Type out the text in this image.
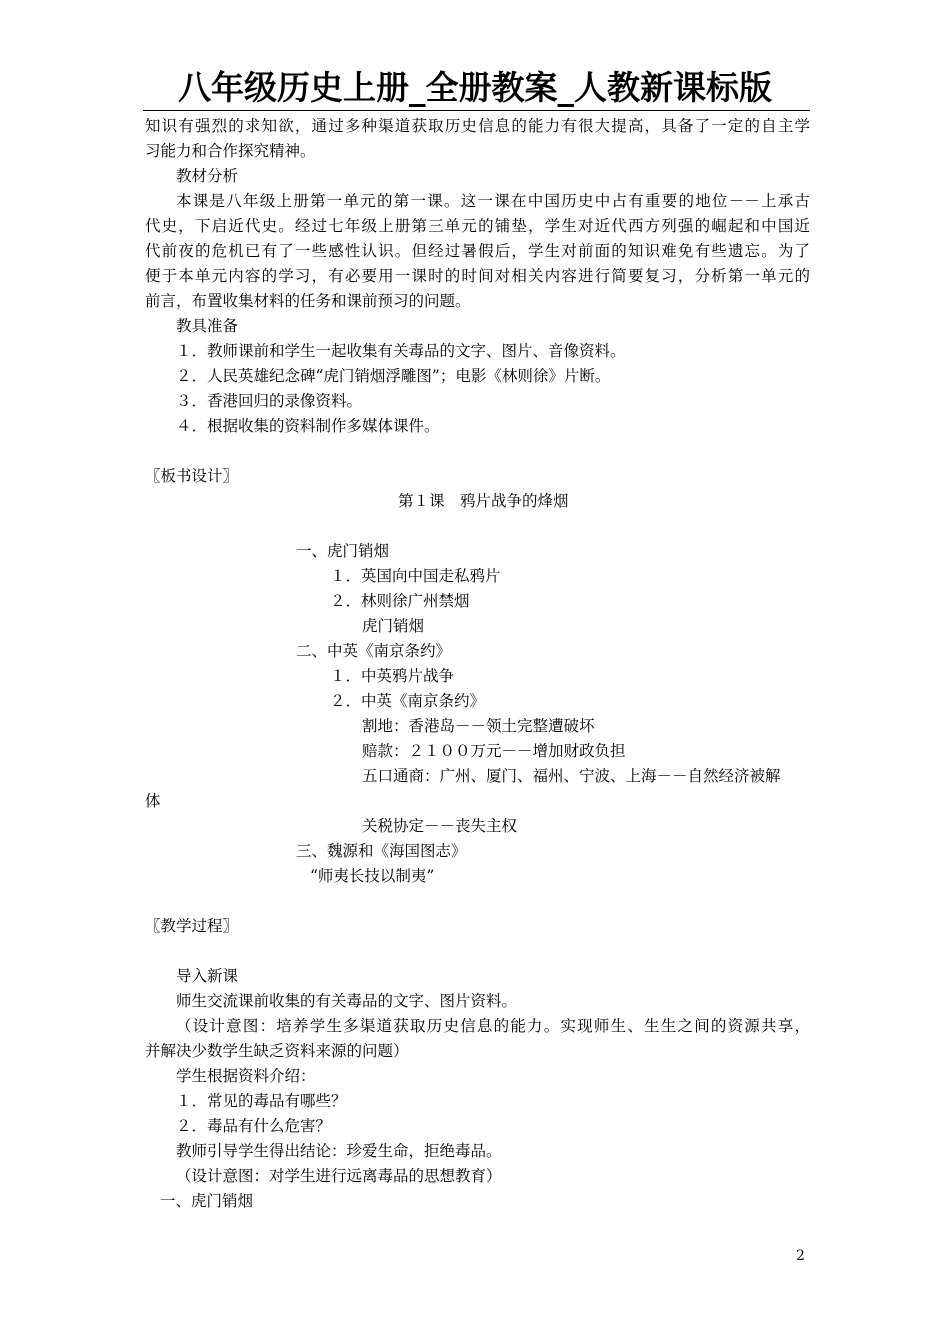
八年级历史上册_全册教案_人教新课标版
知识有强烈的求知欲，通过多种渠道获取历史信息的能力有很大提高，具备了一定的自主学
习能力和合作探究精神。
教材分析
本课是八年级上册第一单元的第一课。这一课在中国历史中占有重要的地位－－上承古
代史，下启近代史。经过七年级上册第三单元的铺垫，学生对近代西方列强的崛起和中国近
代前夜的危机已有了一些感性认识。但经过暑假后，学生对前面的知识难免有些遗忘。为了
便于本单元内容的学习，有必要用一课时的时间对相关内容进行简要复习，分析第一单元的
前言，布置收集材料的任务和课前预习的问题。
教具准备
１．教师课前和学生一起收集有关毒品的文字、图片、音像资料。
２．人民英雄纪念碑“虎门销烟浮雕图”；电影《林则徐》片断。
３．香港回归的录像资料。
４．根据收集的资料制作多媒体课件。
〖板书设计〗
第１课　鸦片战争的烽烟
一、虎门销烟
１．英国向中国走私鸦片
２．林则徐广州禁烟
虎门销烟
二、中英《南京条约》
１．中英鸦片战争
２．中英《南京条约》
割地：香港岛－－领土完整遭破坏
赔款：２１００万元－－增加财政负担
五口通商：广州、厦门、福州、宁波、上海－－自然经济被解
体
关税协定－－丧失主权
三、魏源和《海国图志》
“师夷长技以制夷”
〖教学过程〗
导入新课
师生交流课前收集的有关毒品的文字、图片资料。
（设计意图：培养学生多渠道获取历史信息的能力。实现师生、生生之间的资源共享，
并解决少数学生缺乏资料来源的问题）
学生根据资料介绍：
１．常见的毒品有哪些？
２．毒品有什么危害？
教师引导学生得出结论：珍爱生命，拒绝毒品。
（设计意图：对学生进行远离毒品的思想教育）
一、虎门销烟
2
